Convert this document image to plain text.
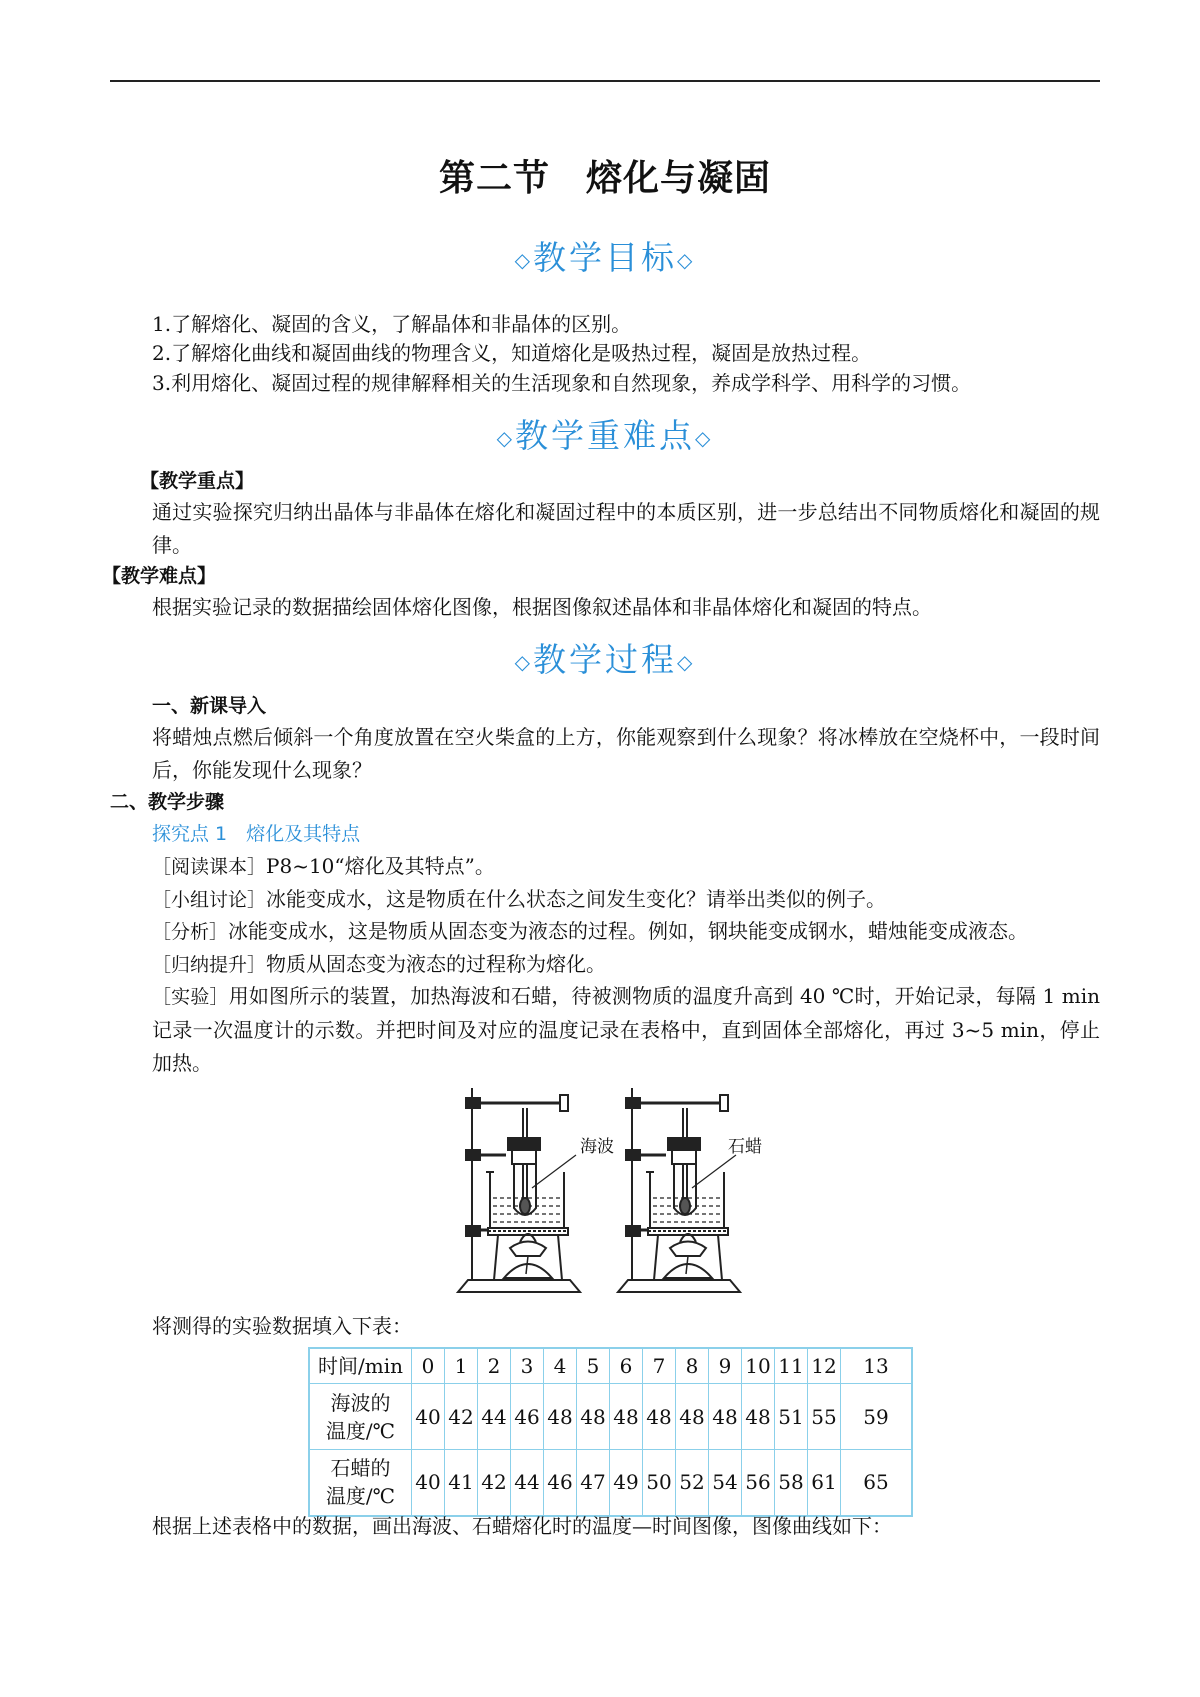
第二节 熔化与凝固
◇教学目标◇
1.了解熔化、凝固的含义，了解晶体和非晶体的区别。
2.了解熔化曲线和凝固曲线的物理含义，知道熔化是吸热过程，凝固是放热过程。
3.利用熔化、凝固过程的规律解释相关的生活现象和自然现象，养成学科学、用科学的习惯。
◇教学重难点◇
【教学重点】
通过实验探究归纳出晶体与非晶体在熔化和凝固过程中的本质区别，进一步总结出不同物质熔化和凝固的规律。
【教学难点】
根据实验记录的数据描绘固体熔化图像，根据图像叙述晶体和非晶体熔化和凝固的特点。
◇教学过程◇
一、新课导入
将蜡烛点燃后倾斜一个角度放置在空火柴盒的上方，你能观察到什么现象？将冰棒放在空烧杯中，一段时间后，你能发现什么现象？
二、教学步骤
探究点 1　熔化及其特点
［阅读课本］P8~10“熔化及其特点”。
［小组讨论］冰能变成水，这是物质在什么状态之间发生变化？请举出类似的例子。
［分析］冰能变成水，这是物质从固态变为液态的过程。例如，钢块能变成钢水，蜡烛能变成液态。
［归纳提升］物质从固态变为液态的过程称为熔化。
［实验］用如图所示的装置，加热海波和石蜡，待被测物质的温度升高到 40 ℃时，开始记录，每隔 1 min 记录一次温度计的示数。并把时间及对应的温度记录在表格中，直到固体全部熔化，再过 3~5 min，停止加热。
海波	石蜡
将测得的实验数据填入下表：
时间/min	0	1	2	3	4	5	6	7	8	9	10	11	12	13
海波的
温度/℃	40	42	44	46	48	48	48	48	48	48	48	51	55	59
石蜡的
温度/℃	40	41	42	44	46	47	49	50	52	54	56	58	61	65
根据上述表格中的数据，画出海波、石蜡熔化时的温度—时间图像，图像曲线如下：
